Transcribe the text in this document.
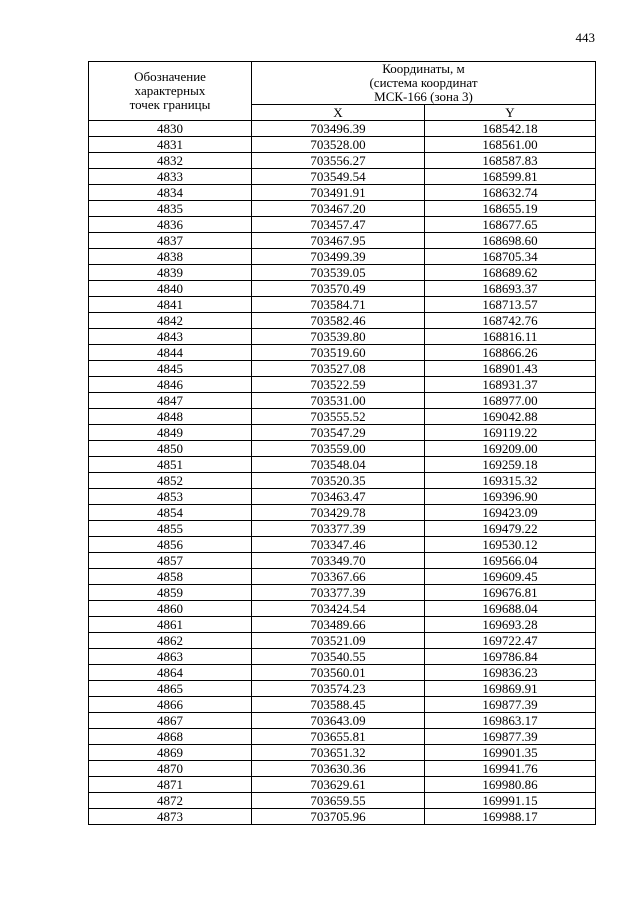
443
Обозначение
характерных
точек границы	Координаты, м
(система координат
МСК-166 (зона 3)	

	X	Y
4830	703496.39	168542.18
4831	703528.00	168561.00
4832	703556.27	168587.83
4833	703549.54	168599.81
4834	703491.91	168632.74
4835	703467.20	168655.19
4836	703457.47	168677.65
4837	703467.95	168698.60
4838	703499.39	168705.34
4839	703539.05	168689.62
4840	703570.49	168693.37
4841	703584.71	168713.57
4842	703582.46	168742.76
4843	703539.80	168816.11
4844	703519.60	168866.26
4845	703527.08	168901.43
4846	703522.59	168931.37
4847	703531.00	168977.00
4848	703555.52	169042.88
4849	703547.29	169119.22
4850	703559.00	169209.00
4851	703548.04	169259.18
4852	703520.35	169315.32
4853	703463.47	169396.90
4854	703429.78	169423.09
4855	703377.39	169479.22
4856	703347.46	169530.12
4857	703349.70	169566.04
4858	703367.66	169609.45
4859	703377.39	169676.81
4860	703424.54	169688.04
4861	703489.66	169693.28
4862	703521.09	169722.47
4863	703540.55	169786.84
4864	703560.01	169836.23
4865	703574.23	169869.91
4866	703588.45	169877.39
4867	703643.09	169863.17
4868	703655.81	169877.39
4869	703651.32	169901.35
4870	703630.36	169941.76
4871	703629.61	169980.86
4872	703659.55	169991.15
4873	703705.96	169988.17
